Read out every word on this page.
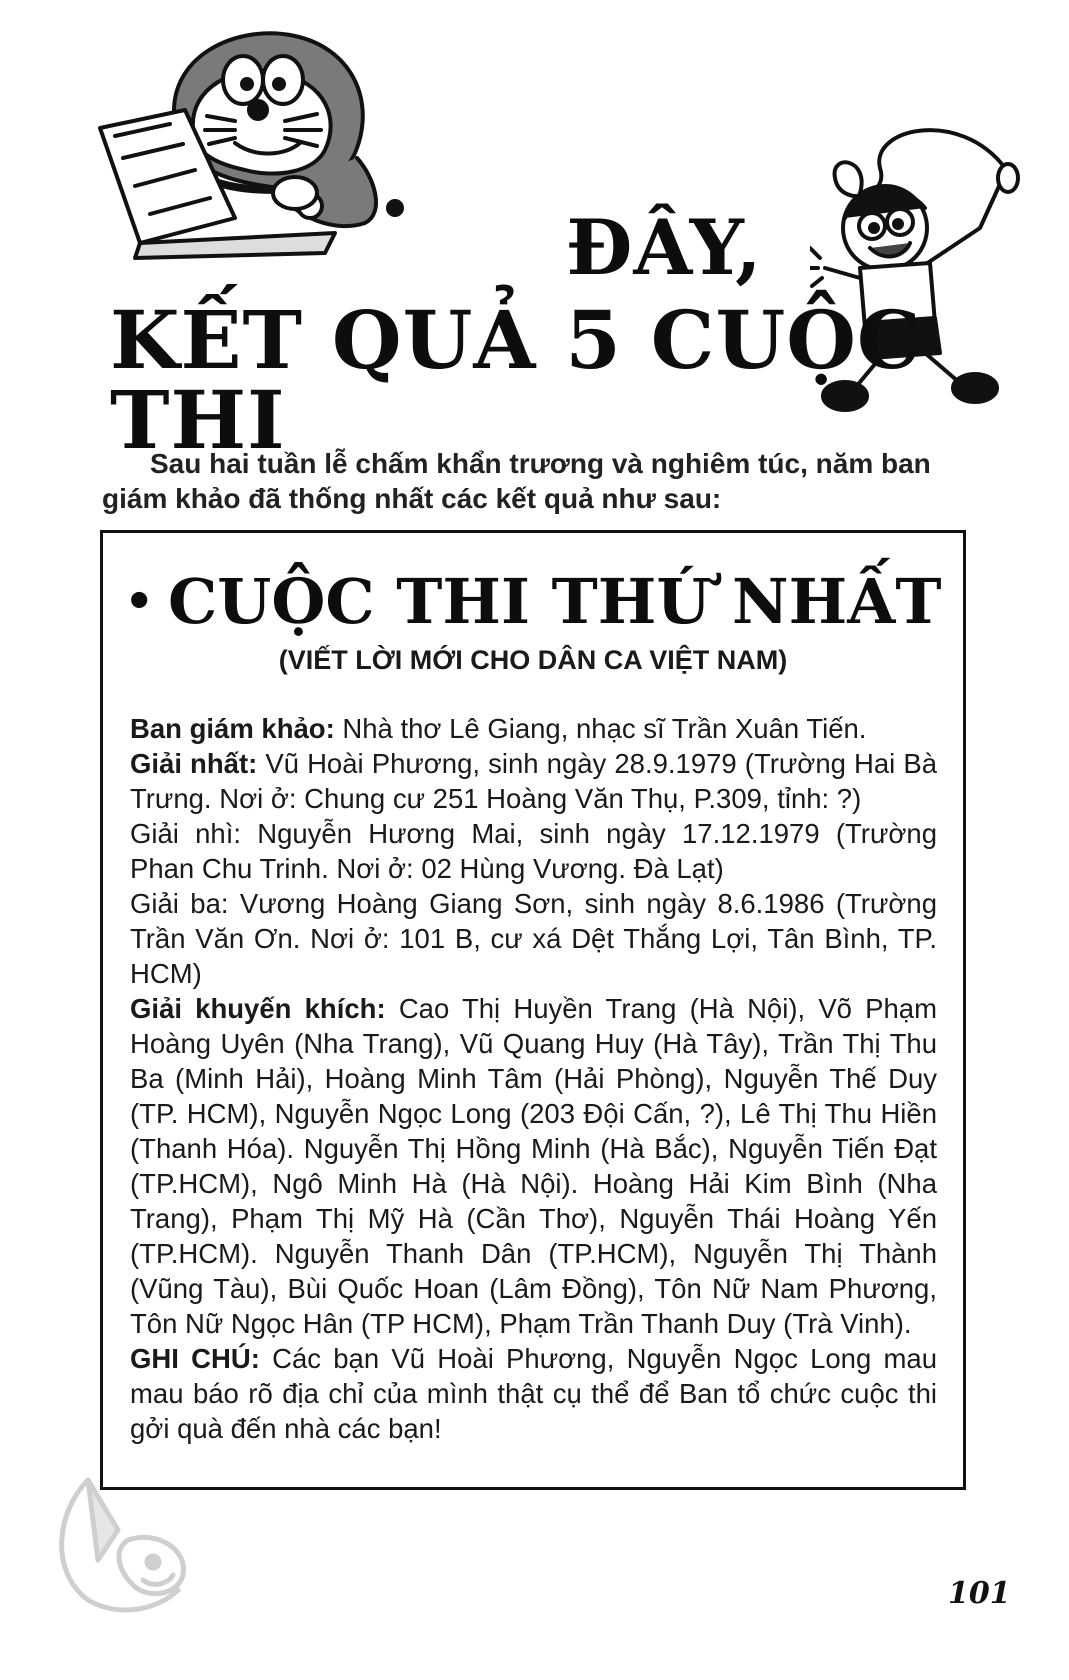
ĐÂY,
KẾT QUẢ 5 CUỘC THI

Sau hai tuần lễ chấm khẩn trương và nghiêm túc, năm ban giám khảo đã thống nhất các kết quả như sau:

• CUỘC THI THỨ NHẤT

(VIẾT LỜI MỚI CHO DÂN CA VIỆT NAM)

Ban giám khảo: Nhà thơ Lê Giang, nhạc sĩ Trần Xuân Tiến.

Giải nhất: Vũ Hoài Phương, sinh ngày 28.9.1979 (Trường Hai Bà Trưng. Nơi ở: Chung cư 251 Hoàng Văn Thụ, P.309, tỉnh: ?)

Giải nhì: Nguyễn Hương Mai, sinh ngày 17.12.1979 (Trường Phan Chu Trinh. Nơi ở: 02 Hùng Vương. Đà Lạt)

Giải ba: Vương Hoàng Giang Sơn, sinh ngày 8.6.1986 (Trường Trần Văn Ơn. Nơi ở: 101 B, cư xá Dệt Thắng Lợi, Tân Bình, TP. HCM)

Giải khuyến khích: Cao Thị Huyền Trang (Hà Nội), Võ Phạm Hoàng Uyên (Nha Trang), Vũ Quang Huy (Hà Tây), Trần Thị Thu Ba (Minh Hải), Hoàng Minh Tâm (Hải Phòng), Nguyễn Thế Duy (TP. HCM), Nguyễn Ngọc Long (203 Đội Cấn, ?), Lê Thị Thu Hiền (Thanh Hóa). Nguyễn Thị Hồng Minh (Hà Bắc), Nguyễn Tiến Đạt (TP.HCM), Ngô Minh Hà (Hà Nội). Hoàng Hải Kim Bình (Nha Trang), Phạm Thị Mỹ Hà (Cần Thơ), Nguyễn Thái Hoàng Yến (TP.HCM). Nguyễn Thanh Dân (TP.HCM), Nguyễn Thị Thành (Vũng Tàu), Bùi Quốc Hoan (Lâm Đồng), Tôn Nữ Nam Phương, Tôn Nữ Ngọc Hân (TP HCM), Phạm Trần Thanh Duy (Trà Vinh).

GHI CHÚ: Các bạn Vũ Hoài Phương, Nguyễn Ngọc Long mau mau báo rõ địa chỉ của mình thật cụ thể để Ban tổ chức cuộc thi gởi quà đến nhà các bạn!

101
